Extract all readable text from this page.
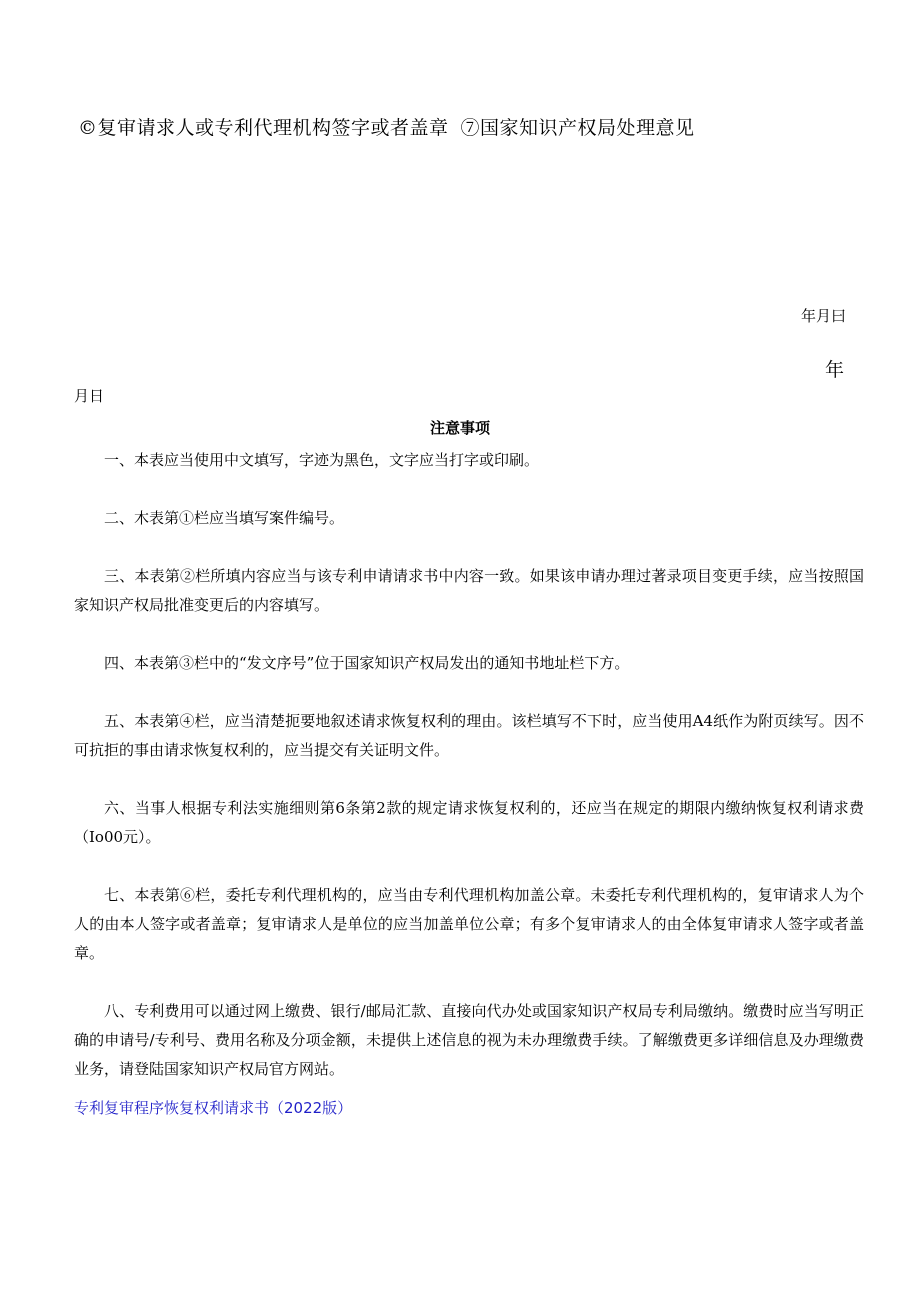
©复审请求人或专利代理机构签字或者盖章 ⑦国家知识产权局处理意见
年月曰
年
月日
注意事项

一、本表应当使用中文填写，字迹为黑色，文字应当打字或印刷。

二、木表第①栏应当填写案件编号。

三、本表第②栏所填内容应当与该专利申请请求书中内容一致。如果该申请办理过著录项目变更手续，应当按照国家知识产权局批准变更后的内容填写。

四、本表第③栏中的“发文序号”位于国家知识产权局发出的通知书地址栏下方。

五、本表第④栏，应当清楚扼要地叙述请求恢复权利的理由。该栏填写不下时，应当使用A4纸作为附页续写。因不可抗拒的事由请求恢复权利的，应当提交有关证明文件。

六、当事人根据专利法实施细则第6条第2款的规定请求恢复权利的，还应当在规定的期限内缴纳恢复权利请求费（Io00元）。

七、本表第⑥栏，委托专利代理机构的，应当由专利代理机构加盖公章。未委托专利代理机构的，复审请求人为个人的由本人签字或者盖章；复审请求人是单位的应当加盖单位公章；有多个复审请求人的由全体复审请求人签字或者盖章。

八、专利费用可以通过网上缴费、银行/邮局汇款、直接向代办处或国家知识产权局专利局缴纳。缴费时应当写明正确的申请号/专利号、费用名称及分项金额，未提供上述信息的视为未办理缴费手续。了解缴费更多详细信息及办理缴费业务，请登陆国家知识产权局官方网站。

专利复审程序恢复权利请求书（2022版）
